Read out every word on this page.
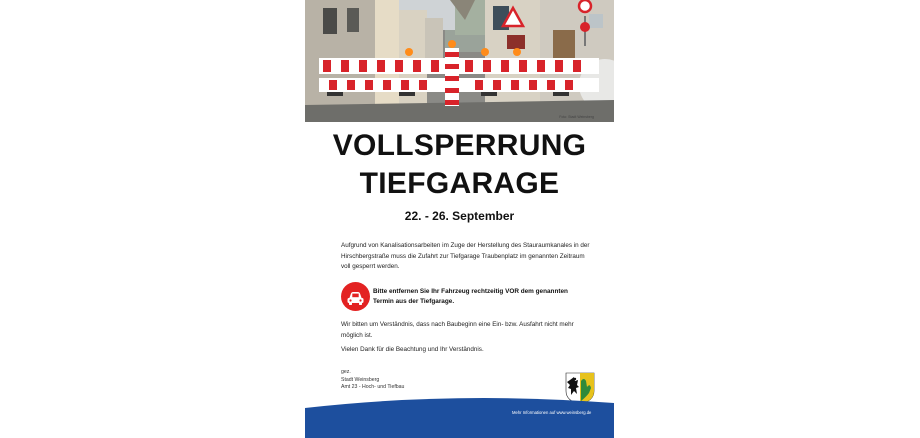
Foto: Stadt Weinsberg
VOLLSPERRUNG
TIEFGARAGE
22. - 26. September

Aufgrund von Kanalisationsarbeiten im Zuge der Herstellung des Stauraumkanales in der Hirschbergstraße muss die Zufahrt zur Tiefgarage Traubenplatz im genannten Zeitraum voll gesperrt werden.

Bitte entfernen Sie Ihr Fahrzeug rechtzeitig VOR dem genannten Termin aus der Tiefgarage.

Wir bitten um Verständnis, dass nach Baubeginn eine Ein- bzw. Ausfahrt nicht mehr möglich ist.

Vielen Dank für die Beachtung und Ihr Verständnis.

gez.
Stadt Weinsberg
Amt 23 - Hoch- und Tiefbau
Mehr Informationen auf www.weinsberg.de
